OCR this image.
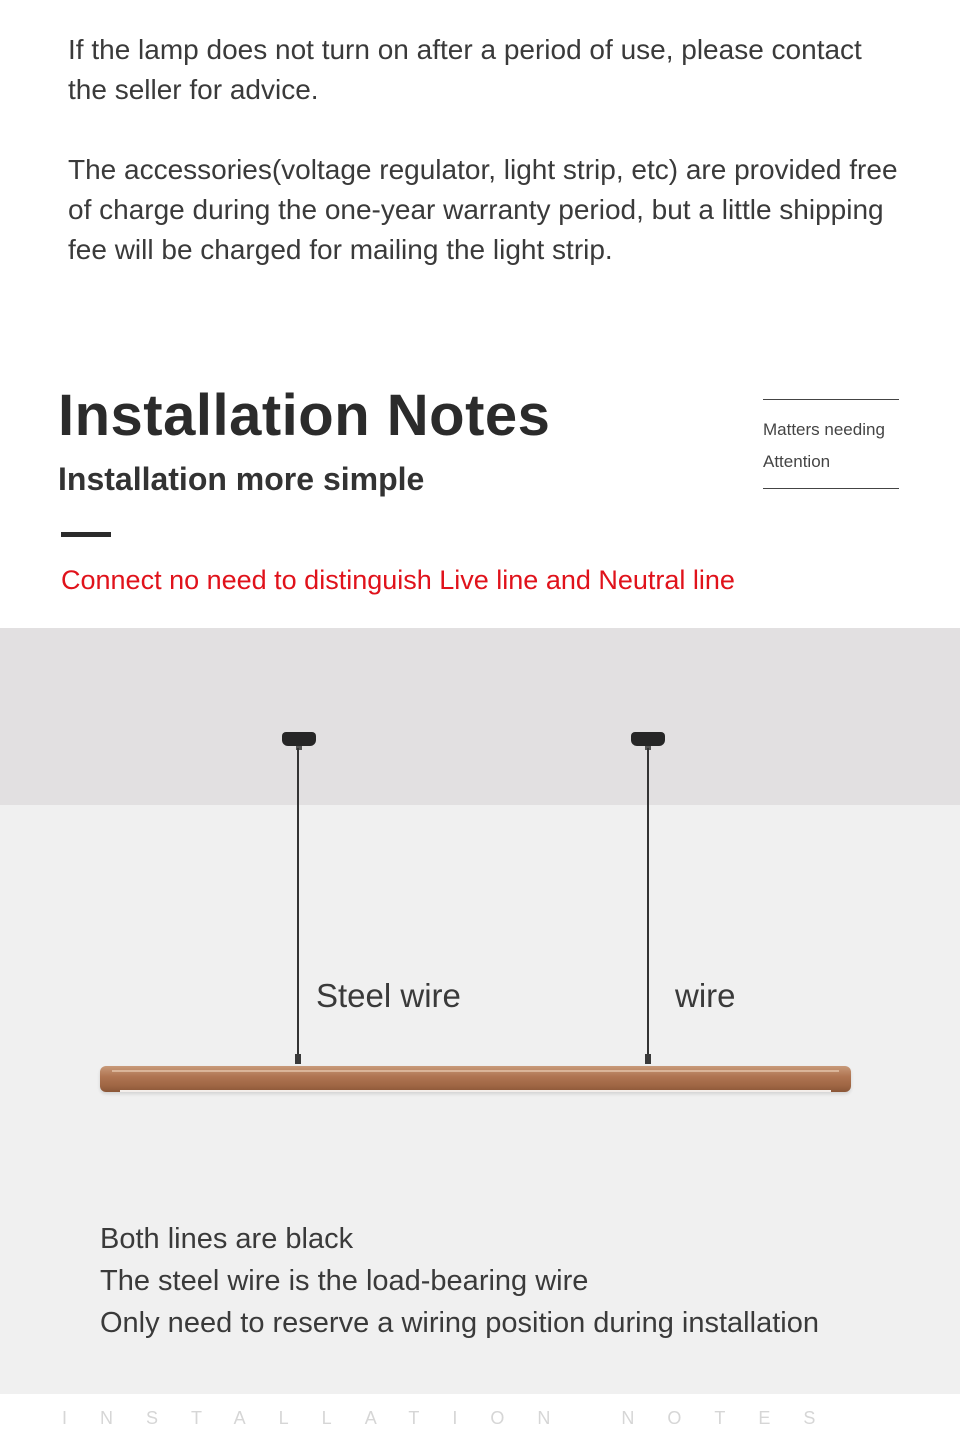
If the lamp does not turn on after a period of use, please contact the seller for advice.

The accessories(voltage regulator, light strip, etc) are provided free of charge during the one-year warranty period, but a little shipping fee will be charged for mailing the light strip.

Installation Notes
Installation more simple
Matters needing
Attention

Connect no need to distinguish Live line and Neutral line

Steel wire	wire

Both lines are black
The steel wire is the load-bearing wire
Only need to reserve a wiring position during installation
INSTALLATION NOTES
